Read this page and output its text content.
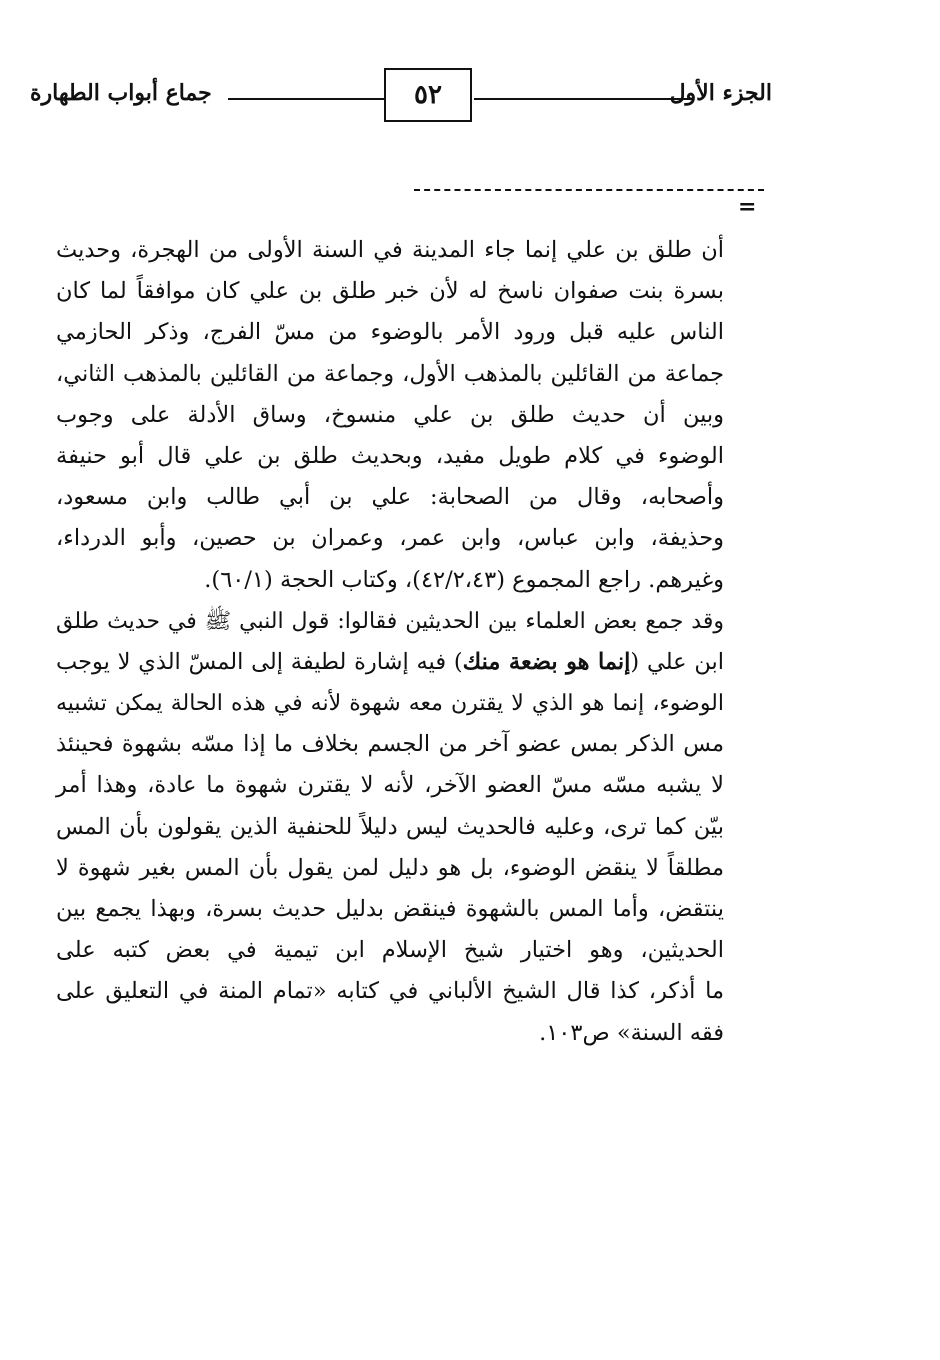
الجزء الأول
٥٢
جماع أبواب الطهارة
=
أن طلق بن علي إنما جاء المدينة في السنة الأولى من الهجرة، وحديث
بسرة بنت صفوان ناسخ له لأن خبر طلق بن علي كان موافقاً لما كان
الناس عليه قبل ورود الأمر بالوضوء من مسّ الفرج، وذكر الحازمي
جماعة من القائلين بالمذهب الأول، وجماعة من القائلين بالمذهب الثاني،
وبين أن حديث طلق بن علي منسوخ، وساق الأدلة على وجوب
الوضوء في كلام طويل مفيد، وبحديث طلق بن علي قال أبو حنيفة
وأصحابه، وقال من الصحابة: علي بن أبي طالب وابن مسعود،
وحذيفة، وابن عباس، وابن عمر، وعمران بن حصين، وأبو الدرداء،
وغيرهم. راجع المجموع (٤٢/٢،٤٣)، وكتاب الحجة (٦٠/١).
وقد جمع بعض العلماء بين الحديثين فقالوا: قول النبي ﷺ في حديث طلق
ابن علي (إنما هو بضعة منك) فيه إشارة لطيفة إلى المسّ الذي لا يوجب
الوضوء، إنما هو الذي لا يقترن معه شهوة لأنه في هذه الحالة يمكن تشبيه
مس الذكر بمس عضو آخر من الجسم بخلاف ما إذا مسّه بشهوة فحينئذ
لا يشبه مسّه مسّ العضو الآخر، لأنه لا يقترن شهوة ما عادة، وهذا أمر
بيّن كما ترى، وعليه فالحديث ليس دليلاً للحنفية الذين يقولون بأن المس
مطلقاً لا ينقض الوضوء، بل هو دليل لمن يقول بأن المس بغير شهوة لا
ينتقض، وأما المس بالشهوة فينقض بدليل حديث بسرة، وبهذا يجمع بين
الحديثين، وهو اختيار شيخ الإسلام ابن تيمية في بعض كتبه على
ما أذكر، كذا قال الشيخ الألباني في كتابه «تمام المنة في التعليق على
فقه السنة» ص١٠٣.
